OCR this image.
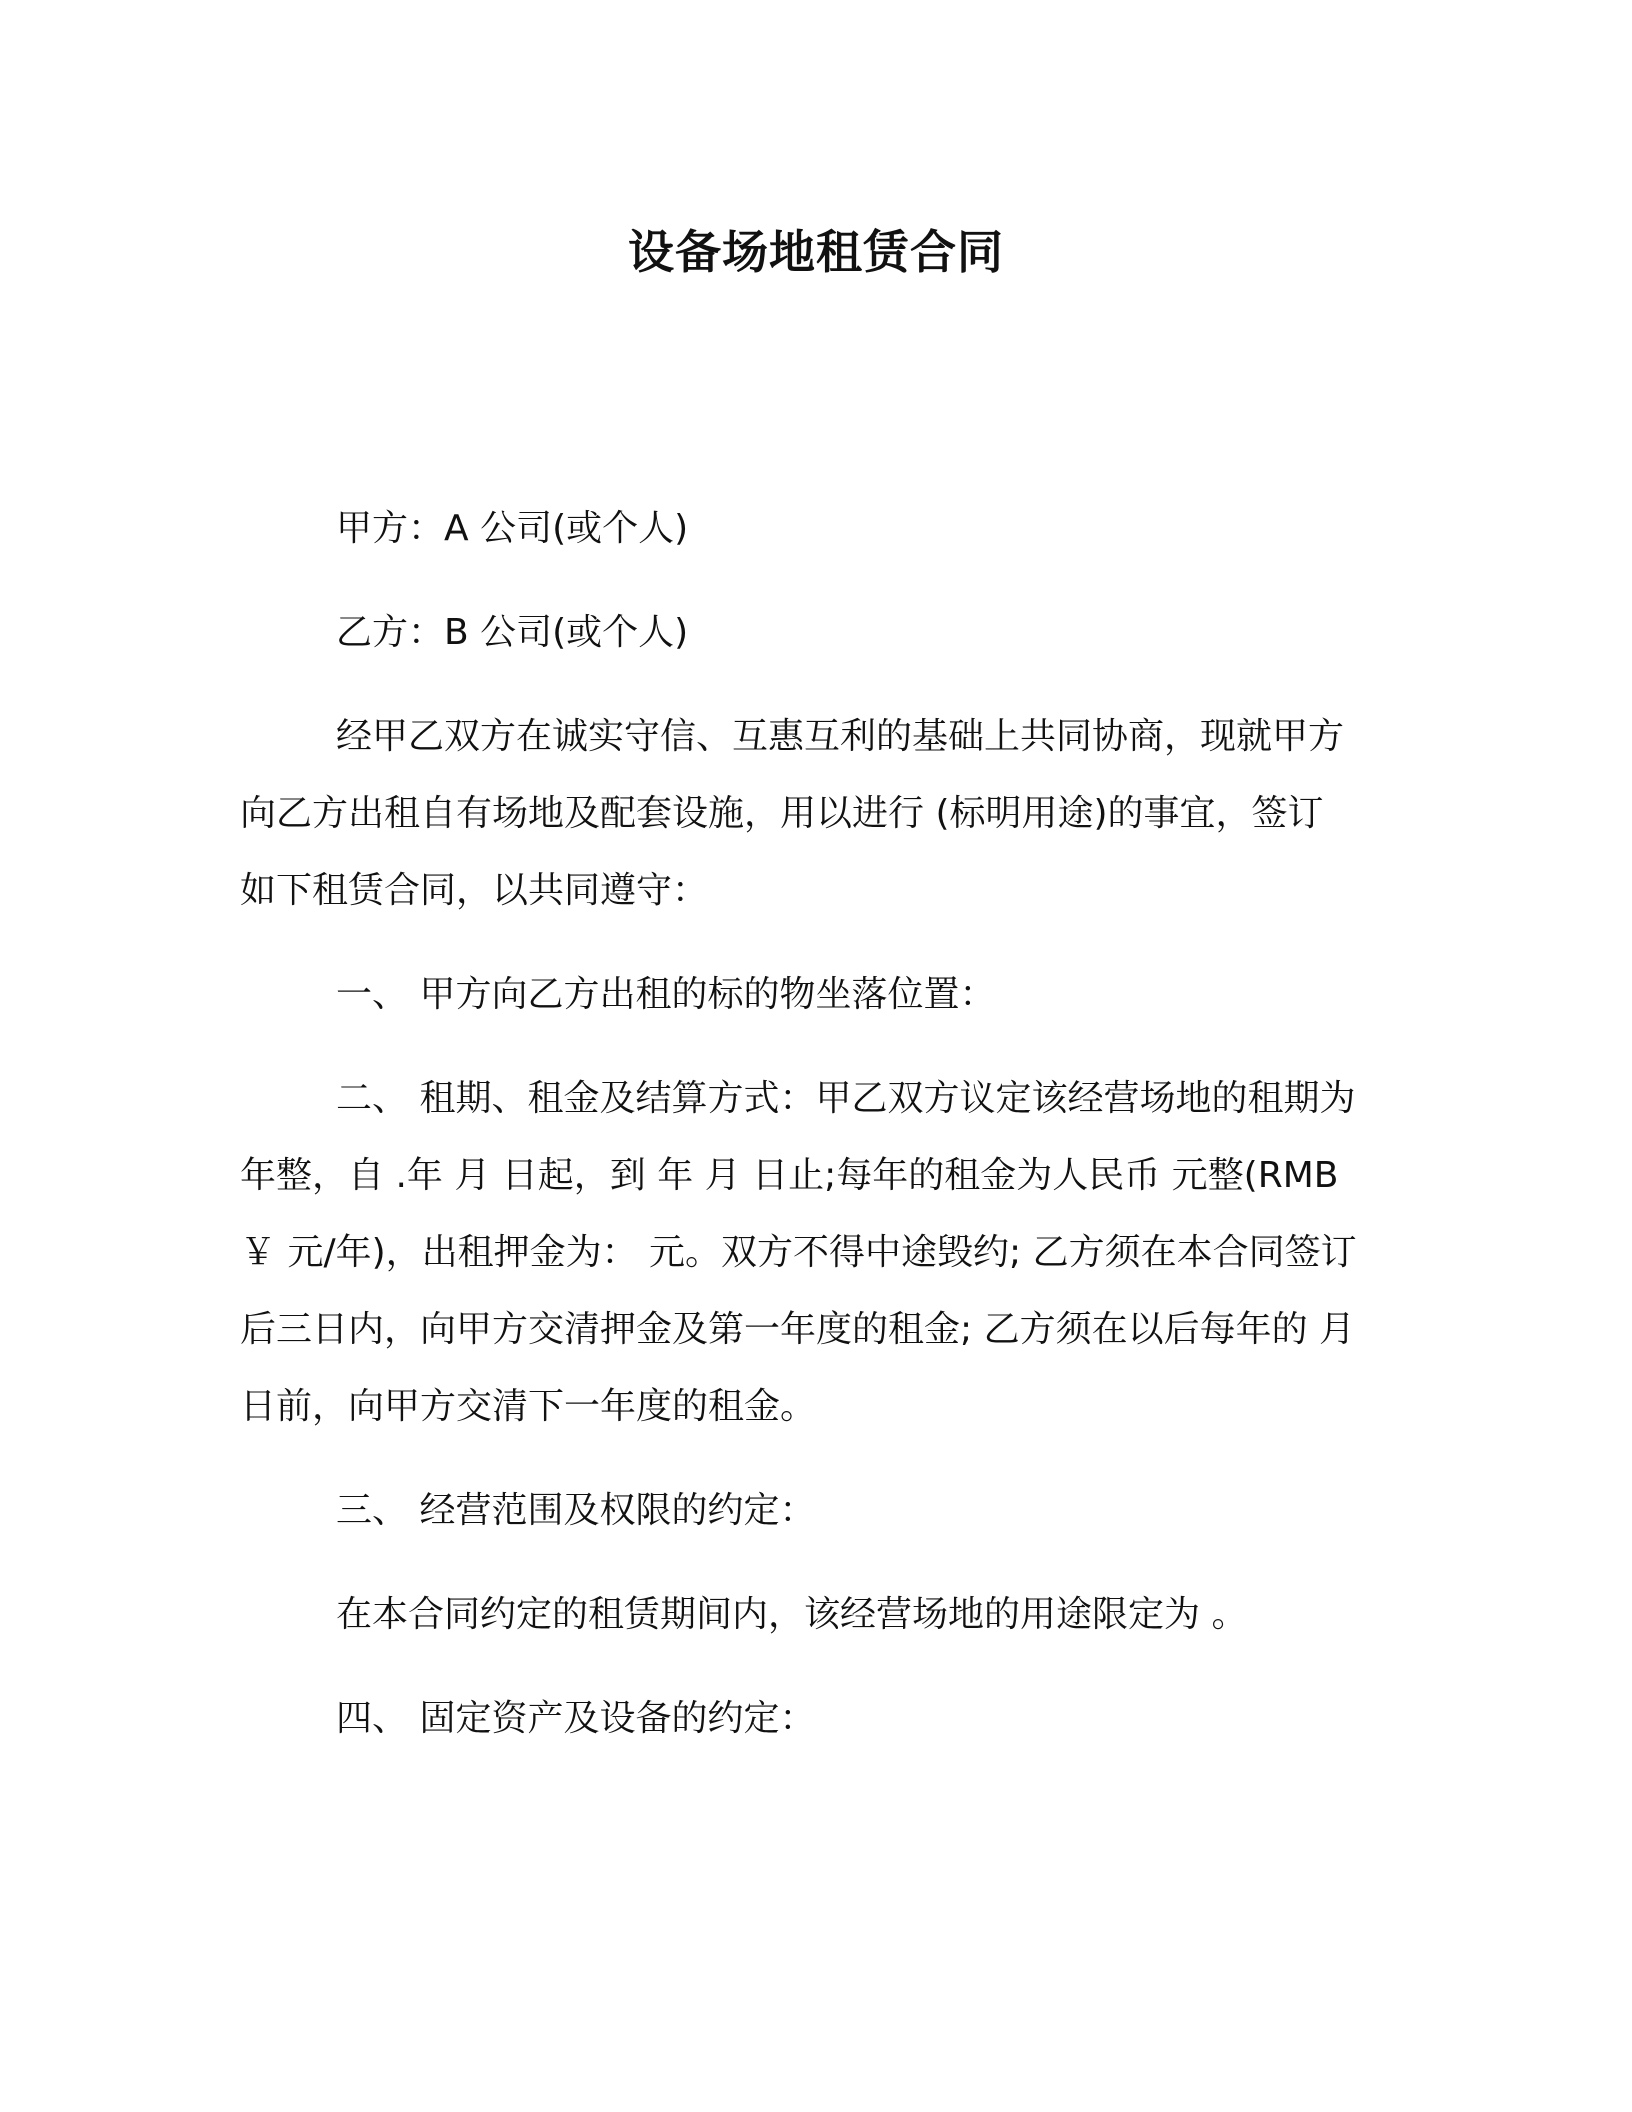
设备场地租赁合同

甲方：A 公司(或个人)

乙方：B 公司(或个人)

经甲乙双方在诚实守信、互惠互利的基础上共同协商，现就甲方
向乙方出租自有场地及配套设施，用以进行 (标明用途)的事宜，签订
如下租赁合同，以共同遵守：

一、 甲方向乙方出租的标的物坐落位置：

二、 租期、租金及结算方式：甲乙双方议定该经营场地的租期为
年整，自 .年 月 日起，到 年 月 日止;每年的租金为人民币 元整(RMB
￥ 元/年)，出租押金为： 元。双方不得中途毁约; 乙方须在本合同签订
后三日内，向甲方交清押金及第一年度的租金; 乙方须在以后每年的 月
日前，向甲方交清下一年度的租金。

三、 经营范围及权限的约定：

在本合同约定的租赁期间内，该经营场地的用途限定为 。

四、 固定资产及设备的约定：
